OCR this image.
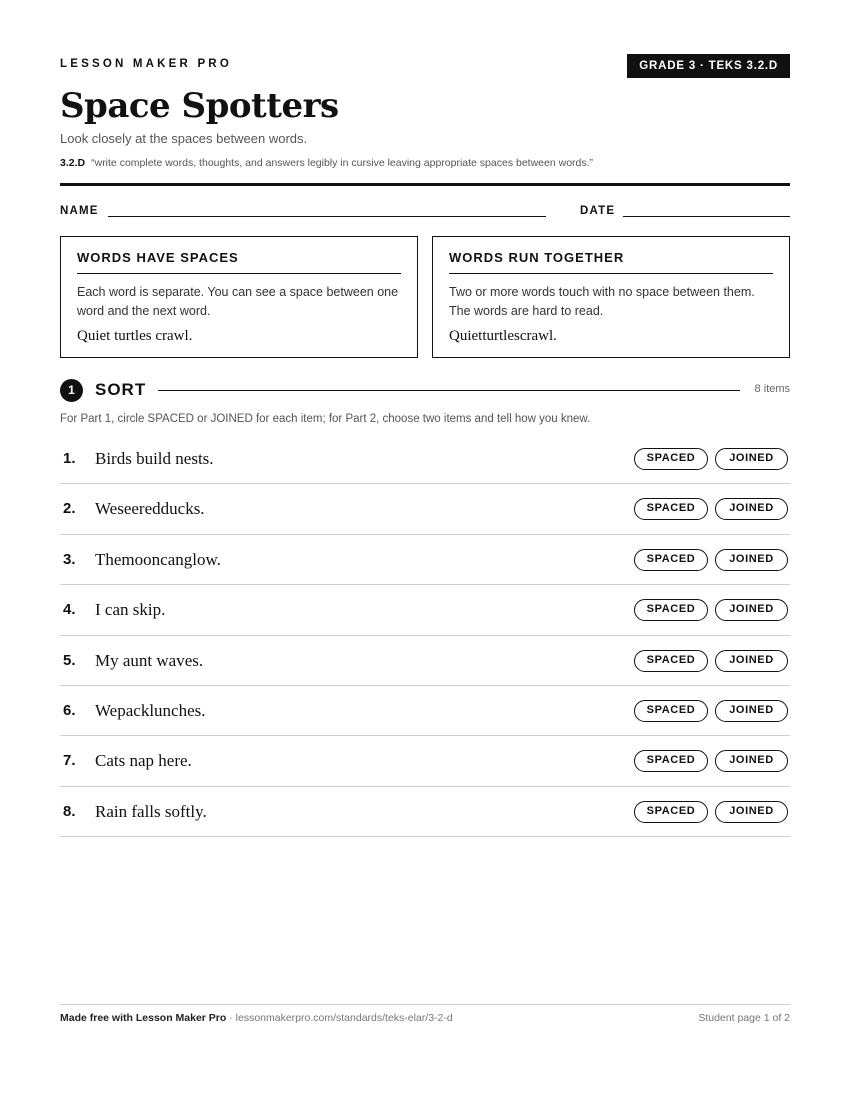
LESSON MAKER PRO	GRADE 3 · TEKS 3.2.D
Space Spotters
Look closely at the spaces between words.
3.2.D “write complete words, thoughts, and answers legibly in cursive leaving appropriate spaces between words.”
NAME	DATE
WORDS HAVE SPACES
Each word is separate. You can see a space between one word and the next word.
Quiet turtles crawl.
WORDS RUN TOGETHER
Two or more words touch with no space between them. The words are hard to read.
Quietturtlescrawl.
1	SORT	8 items
For Part 1, circle SPACED or JOINED for each item; for Part 2, choose two items and tell how you knew.
1. Birds build nests.	SPACED	JOINED
2. Weseeredducks.	SPACED	JOINED
3. Themooncanglow.	SPACED	JOINED
4. I can skip.	SPACED	JOINED
5. My aunt waves.	SPACED	JOINED
6. Wepacklunches.	SPACED	JOINED
7. Cats nap here.	SPACED	JOINED
8. Rain falls softly.	SPACED	JOINED
Made free with Lesson Maker Pro · lessonmakerpro.com/standards/teks-elar/3-2-d	Student page 1 of 2
